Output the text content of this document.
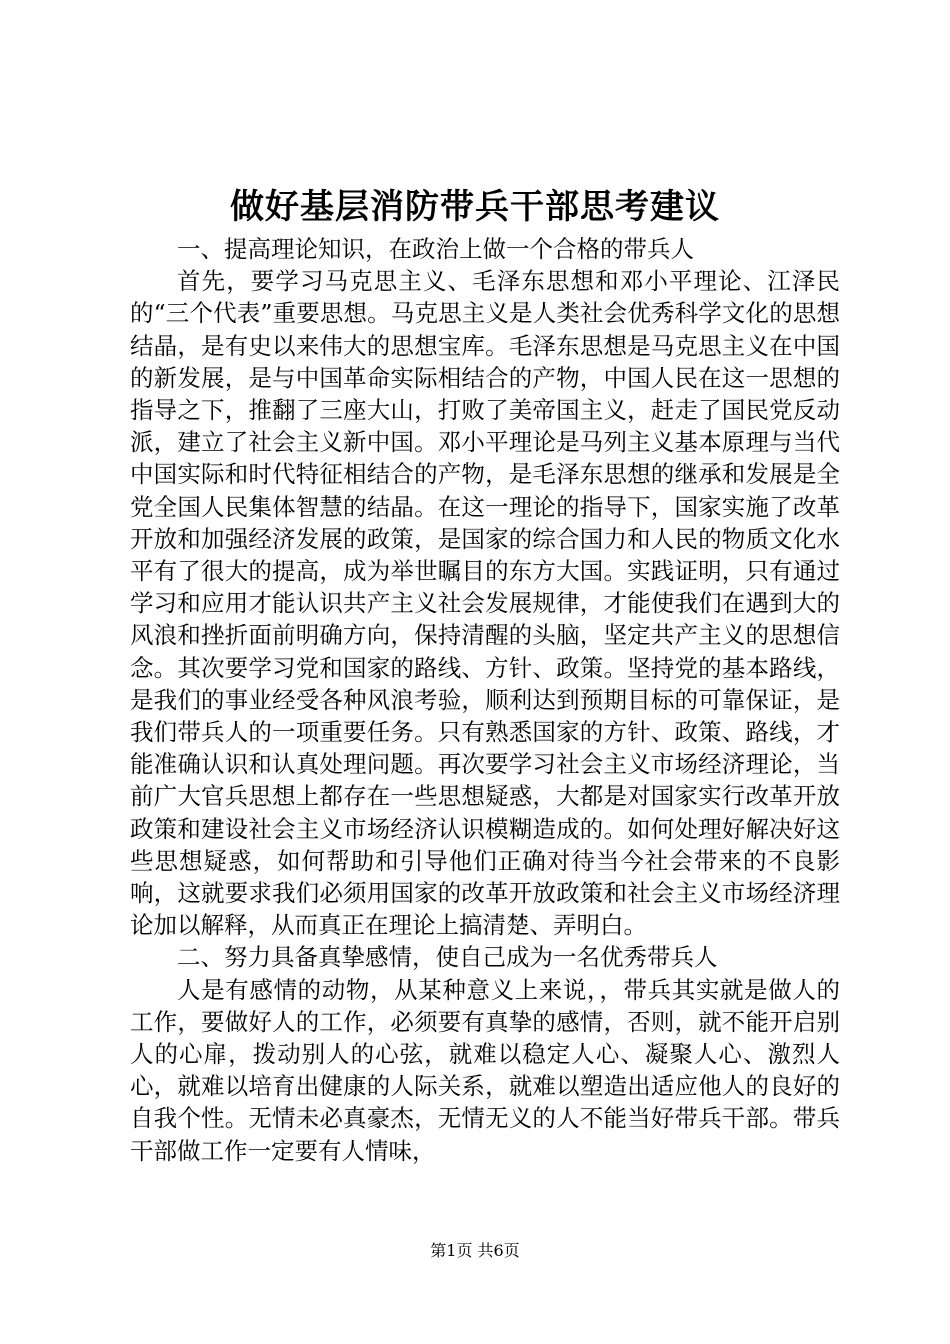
做好基层消防带兵干部思考建议

一、提高理论知识，在政治上做一个合格的带兵人

首先，要学习马克思主义、毛泽东思想和邓小平理论、江泽民的“三个代表”重要思想。马克思主义是人类社会优秀科学文化的思想结晶，是有史以来伟大的思想宝库。毛泽东思想是马克思主义在中国的新发展，是与中国革命实际相结合的产物，中国人民在这一思想的指导之下，推翻了三座大山，打败了美帝国主义，赶走了国民党反动派，建立了社会主义新中国。邓小平理论是马列主义基本原理与当代中国实际和时代特征相结合的产物，是毛泽东思想的继承和发展是全党全国人民集体智慧的结晶。在这一理论的指导下，国家实施了改革开放和加强经济发展的政策，是国家的综合国力和人民的物质文化水平有了很大的提高，成为举世瞩目的东方大国。实践证明，只有通过学习和应用才能认识共产主义社会发展规律，才能使我们在遇到大的风浪和挫折面前明确方向，保持清醒的头脑，坚定共产主义的思想信念。其次要学习党和国家的路线、方针、政策。坚持党的基本路线，是我们的事业经受各种风浪考验，顺利达到预期目标的可靠保证，是我们带兵人的一项重要任务。只有熟悉国家的方针、政策、路线，才能准确认识和认真处理问题。再次要学习社会主义市场经济理论，当前广大官兵思想上都存在一些思想疑惑，大都是对国家实行改革开放政策和建设社会主义市场经济认识模糊造成的。如何处理好解决好这些思想疑惑，如何帮助和引导他们正确对待当今社会带来的不良影响，这就要求我们必须用国家的改革开放政策和社会主义市场经济理论加以解释，从而真正在理论上搞清楚、弄明白。

二、努力具备真挚感情，使自己成为一名优秀带兵人

人是有感情的动物，从某种意义上来说，，带兵其实就是做人的工作，要做好人的工作，必须要有真挚的感情，否则，就不能开启别人的心扉，拨动别人的心弦，就难以稳定人心、凝聚人心、激烈人心，就难以培育出健康的人际关系，就难以塑造出适应他人的良好的自我个性。无情未必真豪杰，无情无义的人不能当好带兵干部。带兵干部做工作一定要有人情味，

第1页 共6页
